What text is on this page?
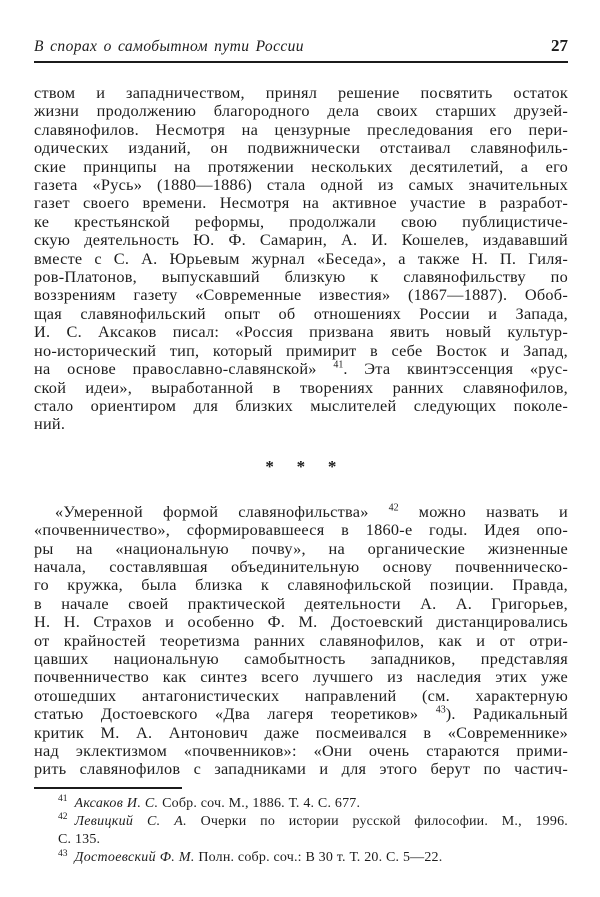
В спорах о самобытном пути России	27
ством и западничеством, принял решение посвятить остаток
жизни продолжению благородного дела своих старших друзей-
славянофилов. Несмотря на цензурные преследования его пери-
одических изданий, он подвижнически отстаивал славянофиль-
ские принципы на протяжении нескольких десятилетий, а его
газета «Русь» (1880—1886) стала одной из самых значительных
газет своего времени. Несмотря на активное участие в разработ-
ке крестьянской реформы, продолжали свою публицистиче-
скую деятельность Ю. Ф. Самарин, А. И. Кошелев, издававший
вместе с С. А. Юрьевым журнал «Беседа», а также Н. П. Гиля-
ров-Платонов, выпускавший близкую к славянофильству по
воззрениям газету «Современные известия» (1867—1887). Обоб-
щая славянофильский опыт об отношениях России и Запада,
И. С. Аксаков писал: «Россия призвана явить новый культур-
но-исторический тип, который примирит в себе Восток и Запад,
на основе православно-славянской» $^{41}$. Эта квинтэссенция «рус-
ской идеи», выработанной в творениях ранних славянофилов,
стало ориентиром для близких мыслителей следующих поколе-
ний.
* * *
«Умеренной формой славянофильства» $^{42}$ можно назвать и
«почвенничество», сформировавшееся в 1860-е годы. Идея опо-
ры на «национальную почву», на органические жизненные
начала, составлявшая объединительную основу почвенническо-
го кружка, была близка к славянофильской позиции. Правда,
в начале своей практической деятельности А. А. Григорьев,
Н. Н. Страхов и особенно Ф. М. Достоевский дистанцировались
от крайностей теоретизма ранних славянофилов, как и от отри-
цавших национальную самобытность западников, представляя
почвенничество как синтез всего лучшего из наследия этих уже
отошедших антагонистических направлений (см. характерную
статью Достоевского «Два лагеря теоретиков» $^{43}$). Радикальный
критик М. А. Антонович даже посмеивался в «Современнике»
над эклектизмом «почвенников»: «Они очень стараются прими-
рить славянофилов с западниками и для этого берут по частич-
$^{41}$ Аксаков И. С. Собр. соч. М., 1886. Т. 4. С. 677.
$^{42}$ Левицкий С. А. Очерки по истории русской философии. М., 1996.
С. 135.
$^{43}$ Достоевский Ф. М. Полн. собр. соч.: В 30 т. Т. 20. С. 5—22.
